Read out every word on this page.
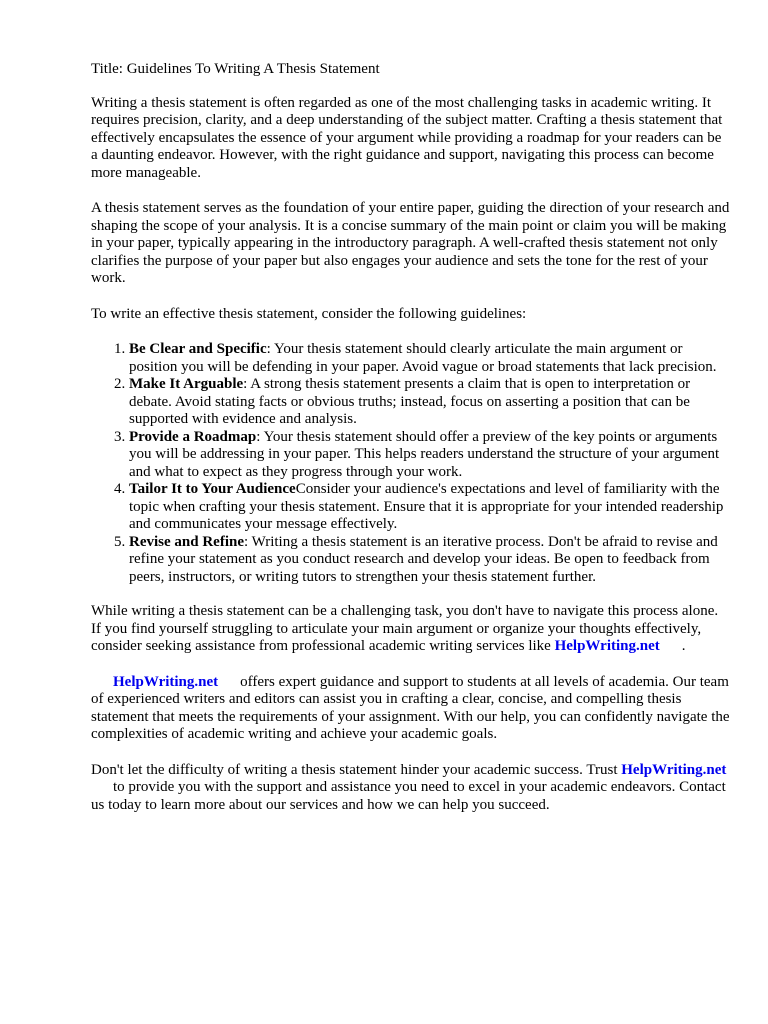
Title: Guidelines To Writing A Thesis Statement

Writing a thesis statement is often regarded as one of the most challenging tasks in academic writing. It requires precision, clarity, and a deep understanding of the subject matter. Crafting a thesis statement that effectively encapsulates the essence of your argument while providing a roadmap for your readers can be a daunting endeavor. However, with the right guidance and support, navigating this process can become more manageable.

A thesis statement serves as the foundation of your entire paper, guiding the direction of your research and shaping the scope of your analysis. It is a concise summary of the main point or claim you will be making in your paper, typically appearing in the introductory paragraph. A well-crafted thesis statement not only clarifies the purpose of your paper but also engages your audience and sets the tone for the rest of your work.

To write an effective thesis statement, consider the following guidelines:

1. Be Clear and Specific: Your thesis statement should clearly articulate the main argument or position you will be defending in your paper. Avoid vague or broad statements that lack precision.
2. Make It Arguable: A strong thesis statement presents a claim that is open to interpretation or debate. Avoid stating facts or obvious truths; instead, focus on asserting a position that can be supported with evidence and analysis.
3. Provide a Roadmap: Your thesis statement should offer a preview of the key points or arguments you will be addressing in your paper. This helps readers understand the structure of your argument and what to expect as they progress through your work.
4. Tailor It to Your AudienceConsider your audience's expectations and level of familiarity with the topic when crafting your thesis statement. Ensure that it is appropriate for your intended readership and communicates your message effectively.
5. Revise and Refine: Writing a thesis statement is an iterative process. Don't be afraid to revise and refine your statement as you conduct research and develop your ideas. Be open to feedback from peers, instructors, or writing tutors to strengthen your thesis statement further.

While writing a thesis statement can be a challenging task, you don't have to navigate this process alone. If you find yourself struggling to articulate your main argument or organize your thoughts effectively, consider seeking assistance from professional academic writing services like HelpWriting.net .

HelpWriting.net offers expert guidance and support to students at all levels of academia. Our team of experienced writers and editors can assist you in crafting a clear, concise, and compelling thesis statement that meets the requirements of your assignment. With our help, you can confidently navigate the complexities of academic writing and achieve your academic goals.

Don't let the difficulty of writing a thesis statement hinder your academic success. Trust HelpWriting.netto provide you with the support and assistance you need to excel in your academic endeavors. Contact us today to learn more about our services and how we can help you succeed.
